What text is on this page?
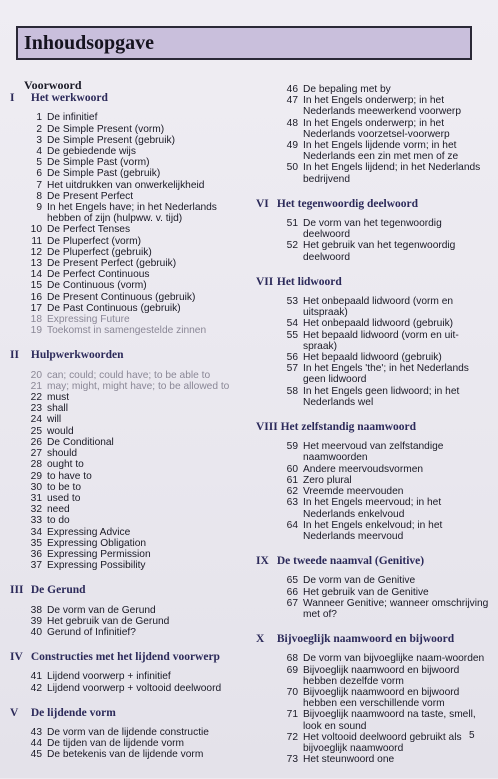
Inhoudsopgave
Voorwoord
I Het werkwoord
1 De infinitief
2 De Simple Present (vorm)
3 De Simple Present (gebruik)
4 De gebiedende wijs
5 De Simple Past (vorm)
6 De Simple Past (gebruik)
7 Het uitdrukken van onwerkelijkheid
8 De Present Perfect
9 In het Engels have; in het Nederlands hebben of zijn (hulpww. v. tijd)
10 De Perfect Tenses
11 De Pluperfect (vorm)
12 De Pluperfect (gebruik)
13 De Present Perfect (gebruik)
14 De Perfect Continuous
15 De Continuous (vorm)
16 De Present Continuous (gebruik)
17 De Past Continuous (gebruik)
18 Expressing Future
19 Toekomst in samengestelde zinnen
II Hulpwerkwoorden
20 can; could; could have; to be able to
21 may; might, might have; to be allowed to
22 must
23 shall
24 will
25 would
26 De Conditional
27 should
28 ought to
29 to have to
30 to be to
31 used to
32 need
33 to do
34 Expressing Advice
35 Expressing Obligation
36 Expressing Permission
37 Expressing Possibility
III De Gerund
38 De vorm van de Gerund
39 Het gebruik van de Gerund
40 Gerund of Infinitief?
IV Constructies met het lijdend voorwerp
41 Lijdend voorwerp + infinitief
42 Lijdend voorwerp + voltooid deelwoord
V De lijdende vorm
43 De vorm van de lijdende constructie
44 De tijden van de lijdende vorm
45 De betekenis van de lijdende vorm
46 De bepaling met by
47 In het Engels onderwerp; in het Nederlands meewerkend voorwerp
48 In het Engels onderwerp; in het Nederlands voorzetsel-voorwerp
49 In het Engels lijdende vorm; in het Nederlands een zin met men of ze
50 In het Engels lijdend; in het Nederlands bedrijvend
VI Het tegenwoordig deelwoord
51 De vorm van het tegenwoordig deelwoord
52 Het gebruik van het tegenwoordig deelwoord
VII Het lidwoord
53 Het onbepaald lidwoord (vorm en uitspraak)
54 Het onbepaald lidwoord (gebruik)
55 Het bepaald lidwoord (vorm en uit-spraak)
56 Het bepaald lidwoord (gebruik)
57 In het Engels 'the'; in het Nederlands geen lidwoord
58 In het Engels geen lidwoord; in het Nederlands wel
VIII Het zelfstandig naamwoord
59 Het meervoud van zelfstandige naamwoorden
60 Andere meervoudsvormen
61 Zero plural
62 Vreemde meervouden
63 In het Engels meervoud; in het Nederlands enkelvoud
64 In het Engels enkelvoud; in het Nederlands meervoud
IX De tweede naamval (Genitive)
65 De vorm van de Genitive
66 Het gebruik van de Genitive
67 Wanneer Genitive; wanneer omschrijving met of?
X Bijvoeglijk naamwoord en bijwoord
68 De vorm van bijvoeglijke naam-woorden
69 Bijvoeglijk naamwoord en bijwoord hebben dezelfde vorm
70 Bijvoeglijk naamwoord en bijwoord hebben een verschillende vorm
71 Bijvoeglijk naamwoord na taste, smell, look en sound
72 Het voltooid deelwoord gebruikt als bijvoeglijk naamwoord
73 Het steunwoord one
5
